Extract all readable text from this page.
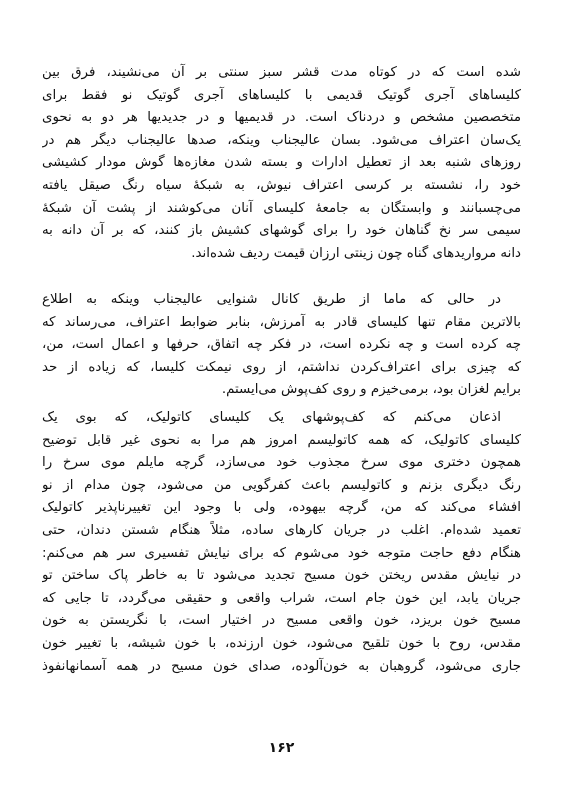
شده است که در کوتاه مدت قشر سبز سنتی بر آن می‌نشیند، فرق بین
کلیساهای آجری گوتیک قدیمی با کلیساهای آجری گوتیک نو فقط برای
متخصصین مشخص و دردناک است. در قدیمیها و در جدیدیها هر دو به نحوی
یک‌سان اعتراف می‌شود. بسان عالیجناب وینکه، صدها عالیجناب دیگر هم در
روزهای شنبه بعد از تعطیل ادارات و بسته شدن مغازه‌ها گوش مودار کشیشی
خود را، نشسته بر کرسی اعتراف نیوش، به شبکهٔ سیاه رنگ صیقل یافته
می‌چسبانند و وابستگان به جامعهٔ کلیسای آنان می‌کوشند از پشت آن شبکهٔ
سیمی سر نخ گناهان خود را برای گوشهای کشیش باز کنند، که بر آن دانه به
دانه مرواریدهای گناه چون زینتی ارزان قیمت ردیف شده‌اند.
در حالی که ماما از طریق کانال شنوایی عالیجناب وینکه به اطلاع
بالاترین مقام تنها کلیسای قادر به آمرزش، بنابر ضوابط اعتراف، می‌رساند که
چه کرده است و چه نکرده است، در فکر چه اتفاق، حرفها و اعمال است، من،
که چیزی برای اعتراف‌کردن نداشتم، از روی نیمکت کلیسا، که زیاده از حد
برایم لغزان بود، برمی‌خیزم و روی کف‌پوش می‌ایستم.
اذعان می‌کنم که کف‌پوشهای یک کلیسای کاتولیک، که بوی یک
کلیسای کاتولیک، که همه کاتولیسم امروز هم مرا به نحوی غیر قابل توضیح
همچون دختری موی سرخ مجذوب خود می‌سازد، گرچه مایلم موی سرخ را
رنگ دیگری بزنم و کاتولیسم باعث کفرگویی من می‌شود، چون مدام از نو
افشاء می‌کند که من، گرچه بیهوده، ولی با وجود این تغییرناپذیر کاتولیک
تعمید شده‌ام. اغلب در جریان کارهای ساده، مثلاً هنگام شستن دندان، حتی
هنگام دفع حاجت متوجه خود می‌شوم که برای نیایش تفسیری سر هم می‌کنم:
در نیایش مقدس ریختن خون مسیح تجدید می‌شود تا به خاطر پاک ساختن تو
جریان یابد، این خون جام است، شراب واقعی و حقیقی می‌گردد، تا جایی که
مسیح خون بریزد، خون واقعی مسیح در اختیار است، با نگریستن به خون
مقدس، روح با خون تلقیح می‌شود، خون ارزنده، با خون شیشه، با تغییر خون
جاری می‌شود، گروهبان به خون‌آلوده، صدای خون مسیح در همه آسمانهانفوذ
۱۶۲
